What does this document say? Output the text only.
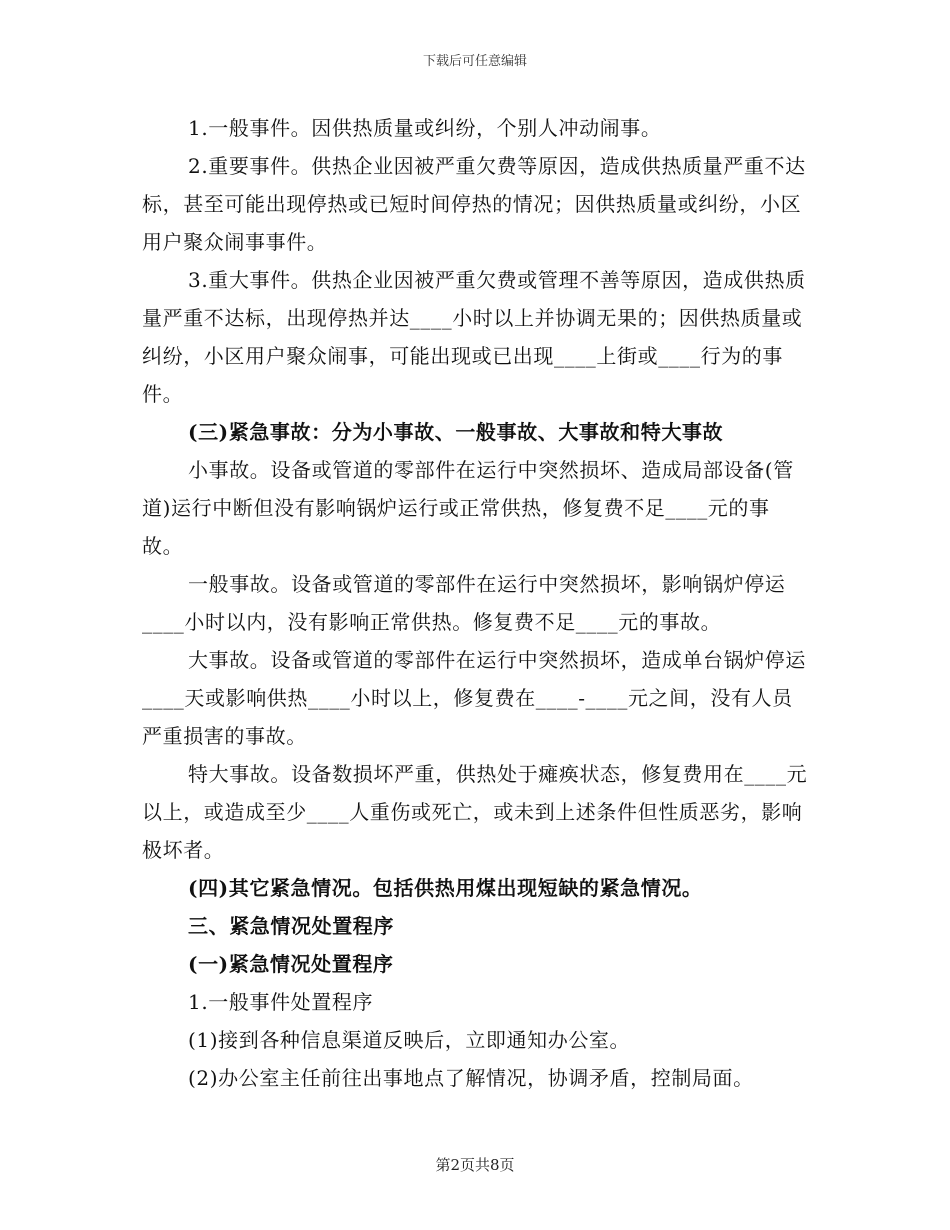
下载后可任意编辑

1.一般事件。因供热质量或纠纷，个别人冲动闹事。

2.重要事件。供热企业因被严重欠费等原因，造成供热质量严重不达标，甚至可能出现停热或已短时间停热的情况；因供热质量或纠纷，小区用户聚众闹事事件。

3.重大事件。供热企业因被严重欠费或管理不善等原因，造成供热质量严重不达标，出现停热并达____小时以上并协调无果的；因供热质量或纠纷，小区用户聚众闹事，可能出现或已出现____上街或____行为的事件。

(三)紧急事故：分为小事故、一般事故、大事故和特大事故

小事故。设备或管道的零部件在运行中突然损坏、造成局部设备(管道)运行中断但没有影响锅炉运行或正常供热，修复费不足____元的事故。

一般事故。设备或管道的零部件在运行中突然损坏，影响锅炉停运____小时以内，没有影响正常供热。修复费不足____元的事故。

大事故。设备或管道的零部件在运行中突然损坏，造成单台锅炉停运____天或影响供热____小时以上，修复费在____-____元之间，没有人员严重损害的事故。

特大事故。设备数损坏严重，供热处于瘫痪状态，修复费用在____元以上，或造成至少____人重伤或死亡，或未到上述条件但性质恶劣，影响极坏者。

(四)其它紧急情况。包括供热用煤出现短缺的紧急情况。

三、紧急情况处置程序

(一)紧急情况处置程序

1.一般事件处置程序

(1)接到各种信息渠道反映后，立即通知办公室。

(2)办公室主任前往出事地点了解情况，协调矛盾，控制局面。

第2页共8页
